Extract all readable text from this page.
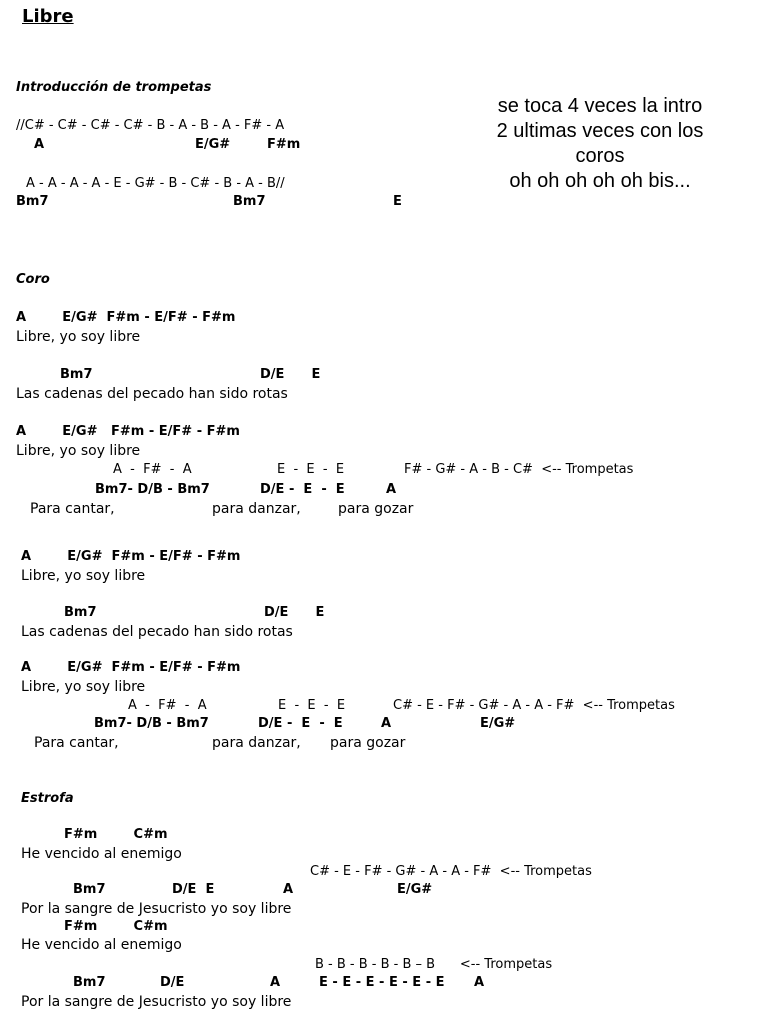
Libre
Introducción de trompetas
//C# - C# - C# - C# - B - A - B - A - F# - A
A	E/G#	F#m
A - A - A - A - E - G# - B - C# - B - A - B//
Bm7	Bm7	E
se toca 4 veces la intro
2 ultimas veces con los
coros
oh oh oh oh oh bis...
Coro
A        E/G#  F#m - E/F# - F#m
Libre, yo soy libre
Bm7                                     D/E      E
Las cadenas del pecado han sido rotas
A        E/G#   F#m - E/F# - F#m
Libre, yo soy libre
A  -  F#  -  A	E  -  E  -  E	F# - G# - A - B - C#  <-- Trompetas
Bm7- D/B - Bm7	D/E -  E  -  E	A
Para cantar,	para danzar,	para gozar
A        E/G#  F#m - E/F# - F#m
Libre, yo soy libre
Bm7                                     D/E      E
Las cadenas del pecado han sido rotas
A        E/G#  F#m - E/F# - F#m
Libre, yo soy libre
A  -  F#  -  A	E  -  E  -  E	C# - E - F# - G# - A - A - F#  <-- Trompetas
Bm7- D/B - Bm7	D/E -  E  -  E	A	E/G#
Para cantar,	para danzar, para gozar
Estrofa
F#m        C#m
He vencido al enemigo
C# - E - F# - G# - A - A - F#  <-- Trompetas
Bm7	D/E  E	A	E/G#
Por la sangre de Jesucristo yo soy libre
F#m        C#m
He vencido al enemigo
B - B - B - B - B – B      <-- Trompetas
Bm7	D/E	A	E - E - E - E - E - E A
Por la sangre de Jesucristo yo soy libre
